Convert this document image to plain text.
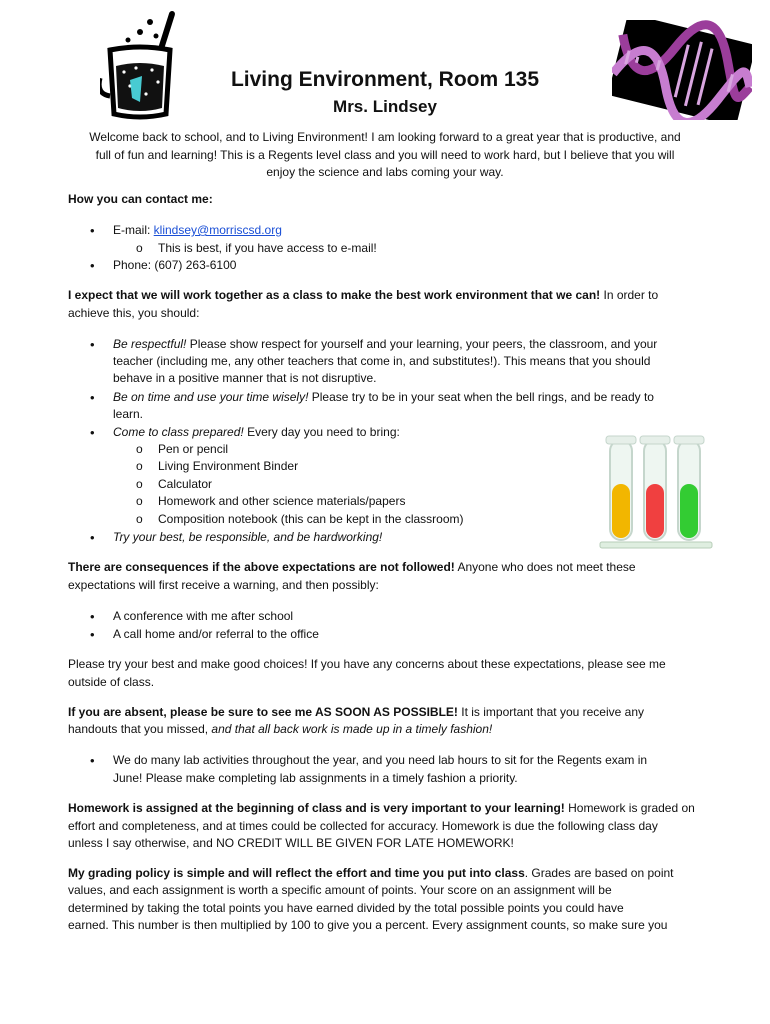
Living Environment, Room 135
Mrs. Lindsey
Welcome back to school, and to Living Environment! I am looking forward to a great year that is productive, and
full of fun and learning! This is a Regents level class and you will need to work hard, but I believe that you will
enjoy the science and labs coming your way.
How you can contact me:
• E-mail: klindsey@morriscsd.org
o This is best, if you have access to e-mail!
• Phone: (607) 263-6100
I expect that we will work together as a class to make the best work environment that we can! In order to
achieve this, you should:
• Be respectful! Please show respect for yourself and your learning, your peers, the classroom, and your
teacher (including me, any other teachers that come in, and substitutes!). This means that you should
behave in a positive manner that is not disruptive.
• Be on time and use your time wisely! Please try to be in your seat when the bell rings, and be ready to
learn.
• Come to class prepared! Every day you need to bring:
o Pen or pencil
o Living Environment Binder
o Calculator
o Homework and other science materials/papers
o Composition notebook (this can be kept in the classroom)
• Try your best, be responsible, and be hardworking!
There are consequences if the above expectations are not followed! Anyone who does not meet these
expectations will first receive a warning, and then possibly:
• A conference with me after school
• A call home and/or referral to the office
Please try your best and make good choices! If you have any concerns about these expectations, please see me
outside of class.
If you are absent, please be sure to see me AS SOON AS POSSIBLE! It is important that you receive any
handouts that you missed, and that all back work is made up in a timely fashion!
• We do many lab activities throughout the year, and you need lab hours to sit for the Regents exam in
June! Please make completing lab assignments in a timely fashion a priority.
Homework is assigned at the beginning of class and is very important to your learning! Homework is graded on
effort and completeness, and at times could be collected for accuracy. Homework is due the following class day
unless I say otherwise, and NO CREDIT WILL BE GIVEN FOR LATE HOMEWORK!
My grading policy is simple and will reflect the effort and time you put into class. Grades are based on point
values, and each assignment is worth a specific amount of points. Your score on an assignment will be
determined by taking the total points you have earned divided by the total possible points you could have
earned. This number is then multiplied by 100 to give you a percent. Every assignment counts, so make sure you
